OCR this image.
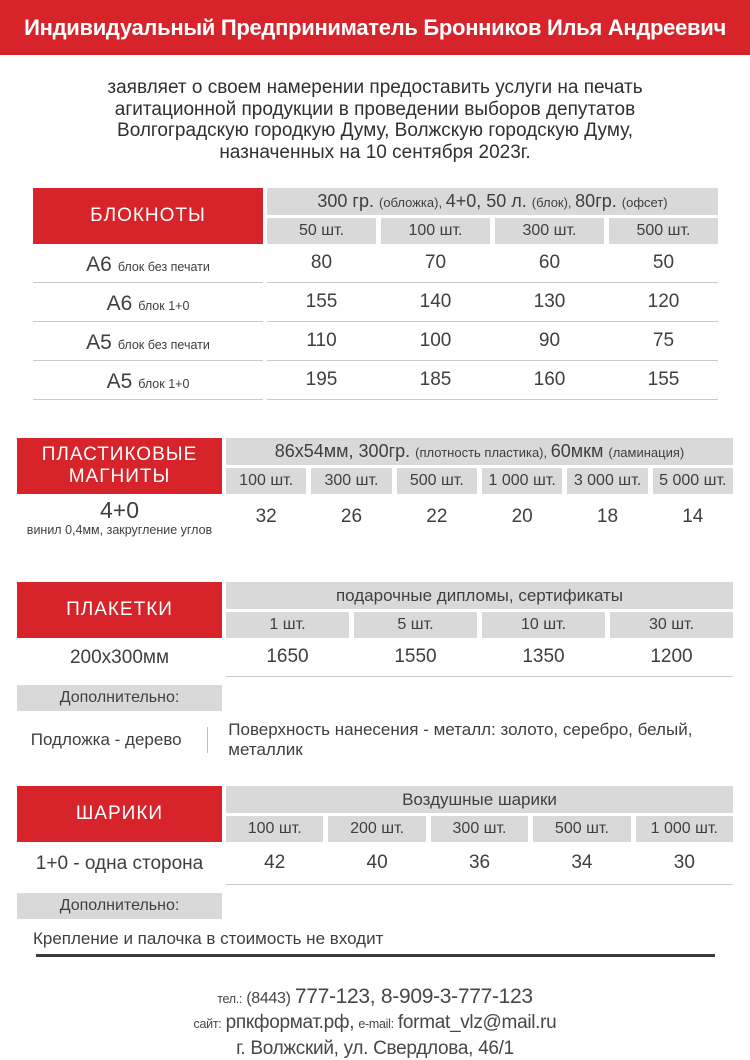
Индивидуальный Предприниматель Бронников Илья Андреевич
заявляет о своем намерении предоставить услуги на печать
агитационной продукции в проведении выборов депутатов
Волгоградскую городкую Думу, Волжскую городскую Думу,
назначенных на 10 сентября 2023г.
БЛОКНОТЫ
300 гр. (обложка), 4+0, 50 л. (блок), 80гр. (офсет)
50 шт.	100 шт.	300 шт.	500 шт.
А6 блок без печати	80	70	60	50
А6 блок 1+0	155	140	130	120
А5 блок без печати	110	100	90	75
А5 блок 1+0	195	185	160	155
ПЛАСТИКОВЫЕ МАГНИТЫ
86х54мм, 300гр. (плотность пластика), 60мкм (ламинация)
100 шт.	300 шт.	500 шт.	1 000 шт.	3 000 шт.	5 000 шт.
4+0
винил 0,4мм, закругление углов
32	26	22	20	18	14
ПЛАКЕТКИ
подарочные дипломы, сертификаты
1 шт.	5 шт.	10 шт.	30 шт.
200х300мм	1650	1550	1350	1200
Дополнительно:
Подложка - дерево
Поверхность нанесения - металл: золото, серебро, белый, металлик
ШАРИКИ
Воздушные шарики
100 шт.	200 шт.	300 шт.	500 шт.	1 000 шт.
1+0 - одна сторона	42	40	36	34	30
Дополнительно:
Крепление и палочка в стоимость не входит
тел.: (8443) 777-123, 8-909-3-777-123
сайт: рпкформат.рф, e-mail: format_vlz@mail.ru
г. Волжский, ул. Свердлова, 46/1
